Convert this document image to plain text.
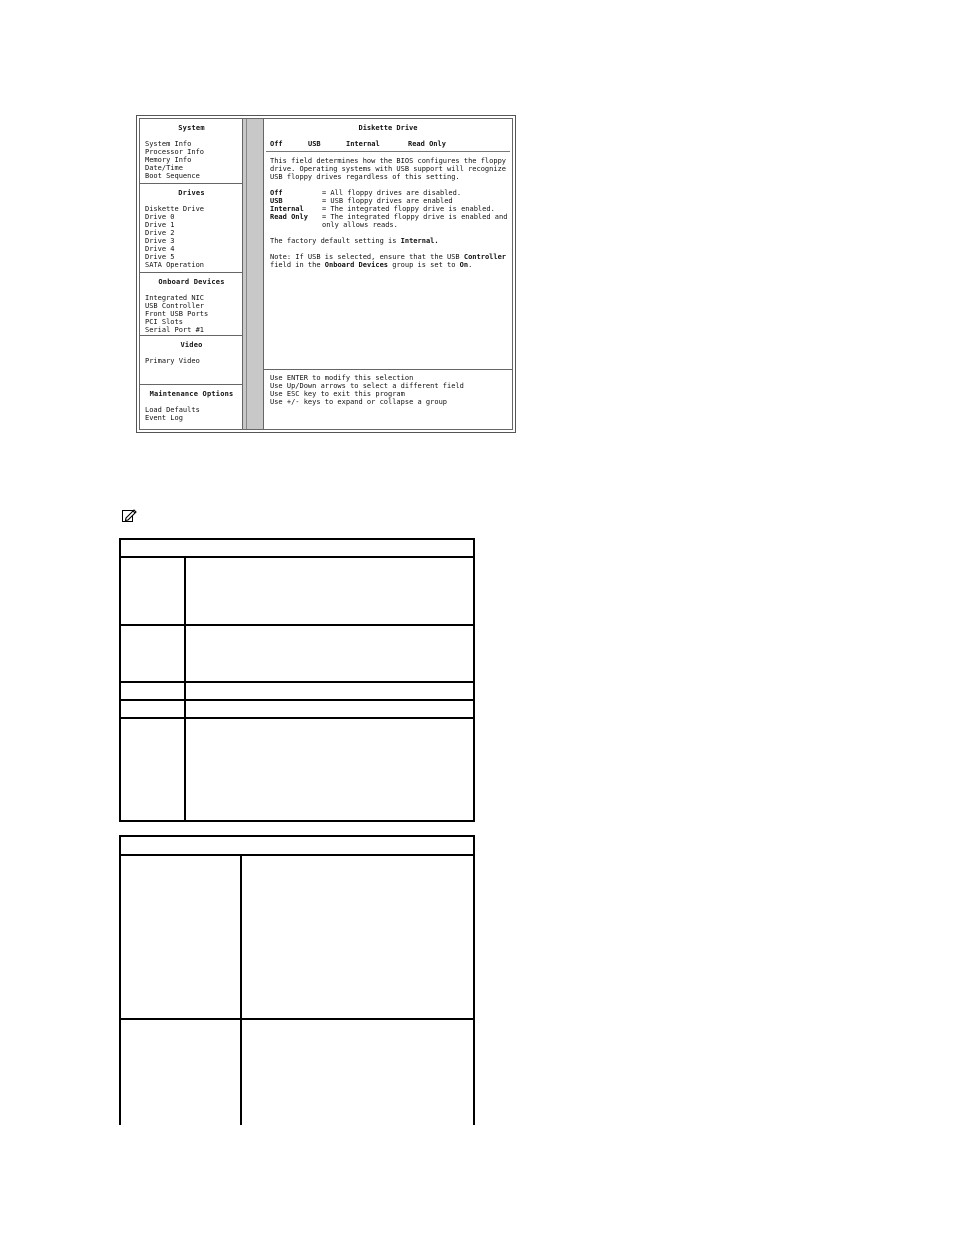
System
System Info
Processor Info
Memory Info
Date/Time
Boot Sequence
Drives
Diskette Drive
Drive 0
Drive 1
Drive 2
Drive 3
Drive 4
Drive 5
SATA Operation
Onboard Devices
Integrated NIC
USB Controller
Front USB Ports
PCI Slots
Serial Port #1
Video
Primary Video
Maintenance Options
Load Defaults
Event Log
Diskette Drive
Off	USB	Internal	Read Only

This field determines how the BIOS configures the floppy drive. Operating systems with USB support will recognize USB floppy drives regardless of this setting.

Off	= All floppy drives are disabled.
USB	= USB floppy drives are enabled
Internal	= The integrated floppy drive is enabled.
Read Only	= The integrated floppy drive is enabled and only allows reads.

The factory default setting is Internal.

Note: If USB is selected, ensure that the USB Controller field in the Onboard Devices group is set to On.

Use ENTER to modify this selection
Use Up/Down arrows to select a different field
Use ESC key to exit this program
Use +/- keys to expand or collapse a group
